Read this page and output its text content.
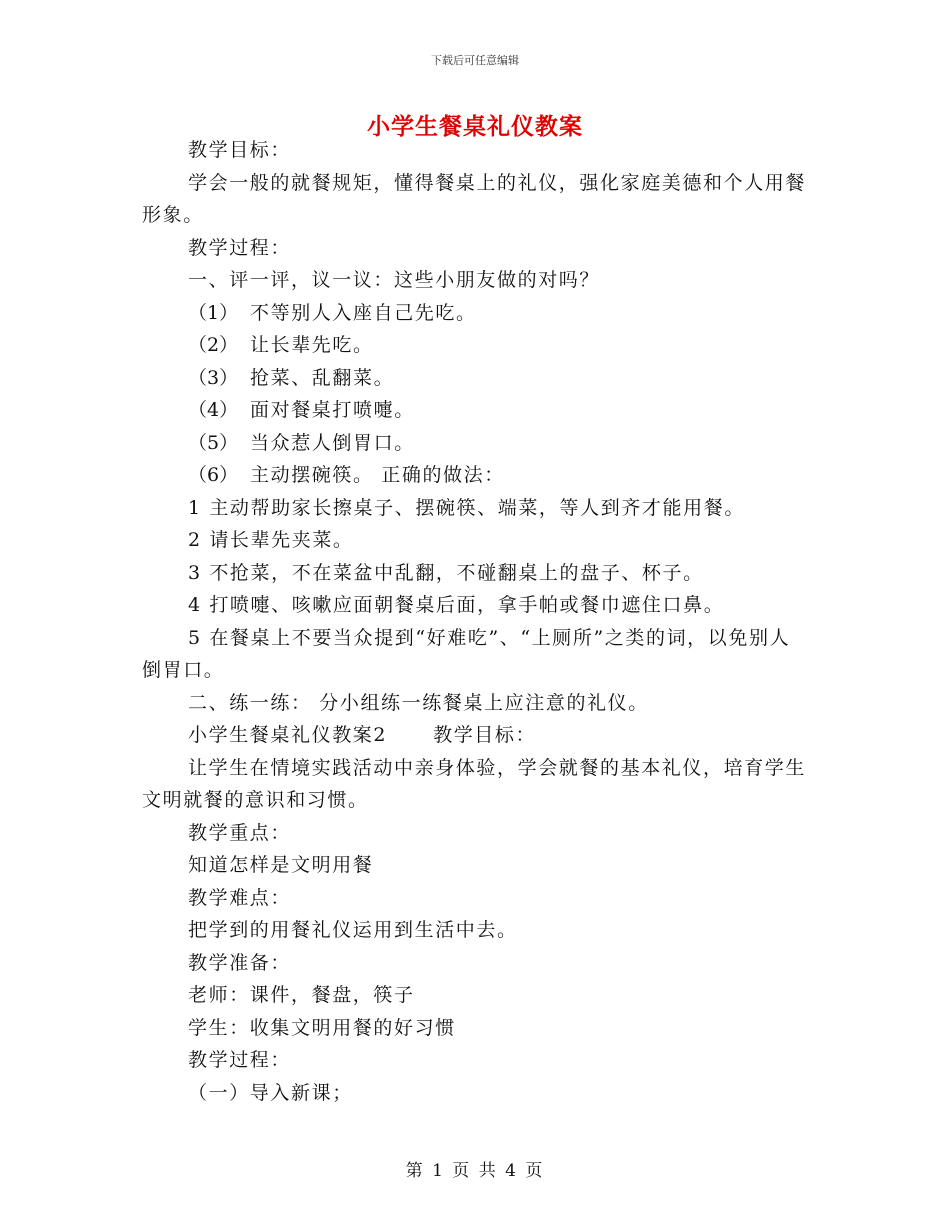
下载后可任意编辑
小学生餐桌礼仪教案

教学目标：

学会一般的就餐规矩，懂得餐桌上的礼仪，强化家庭美德和个人用餐形象。

教学过程：

一、评一评，议一议：这些小朋友做的对吗？

（1） 不等别人入座自己先吃。

（2） 让长辈先吃。

（3） 抢菜、乱翻菜。

（4） 面对餐桌打喷嚏。

（5） 当众惹人倒胃口。

（6） 主动摆碗筷。 正确的做法：

1 主动帮助家长擦桌子、摆碗筷、端菜，等人到齐才能用餐。

2 请长辈先夹菜。

3 不抢菜，不在菜盆中乱翻，不碰翻桌上的盘子、杯子。

4 打喷嚏、咳嗽应面朝餐桌后面，拿手帕或餐巾遮住口鼻。

5 在餐桌上不要当众提到“好难吃”、“上厕所”之类的词，以免别人倒胃口。

二、练一练： 分小组练一练餐桌上应注意的礼仪。

小学生餐桌礼仪教案2 教学目标：

让学生在情境实践活动中亲身体验，学会就餐的基本礼仪，培育学生文明就餐的意识和习惯。

教学重点：

知道怎样是文明用餐

教学难点：

把学到的用餐礼仪运用到生活中去。

教学准备：

老师：课件，餐盘，筷子

学生：收集文明用餐的好习惯

教学过程：

（一）导入新课；

第 1 页 共 4 页
